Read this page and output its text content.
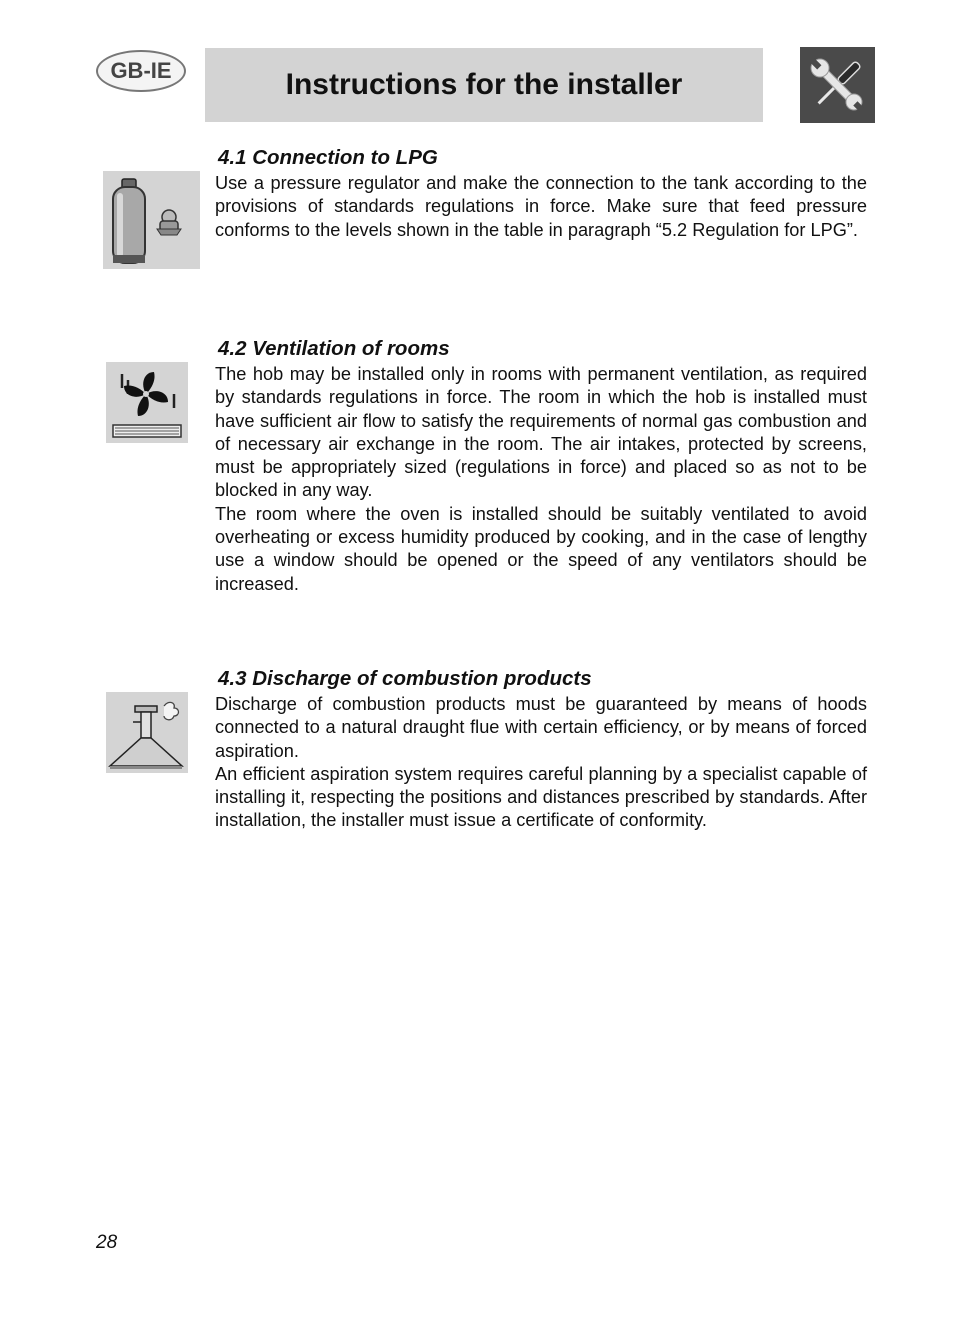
GB-IE	Instructions for the installer
4.1 Connection to LPG

Use a pressure regulator and make the connection to the tank according to the provisions of standards regulations in force. Make sure that feed pressure conforms to the levels shown in the table in paragraph “5.2 Regulation for LPG”.

4.2 Ventilation of rooms

The hob may be installed only in rooms with permanent ventilation, as required by standards regulations in force. The room in which the hob is installed must have sufficient air flow to satisfy the requirements of normal gas combustion and of necessary air exchange in the room. The air intakes, protected by screens, must be appropriately sized (regulations in force) and placed so as not to be blocked in any way.

The room where the oven is installed should be suitably ventilated to avoid overheating or excess humidity produced by cooking, and in the case of lengthy use a window should be opened or the speed of any ventilators should be increased.

4.3 Discharge of combustion products

Discharge of combustion products must be guaranteed by means of hoods connected to a natural draught flue with certain efficiency, or by means of forced aspiration.

An efficient aspiration system requires careful planning by a specialist capable of installing it, respecting the positions and distances prescribed by standards. After installation, the installer must issue a certificate of conformity.

28
